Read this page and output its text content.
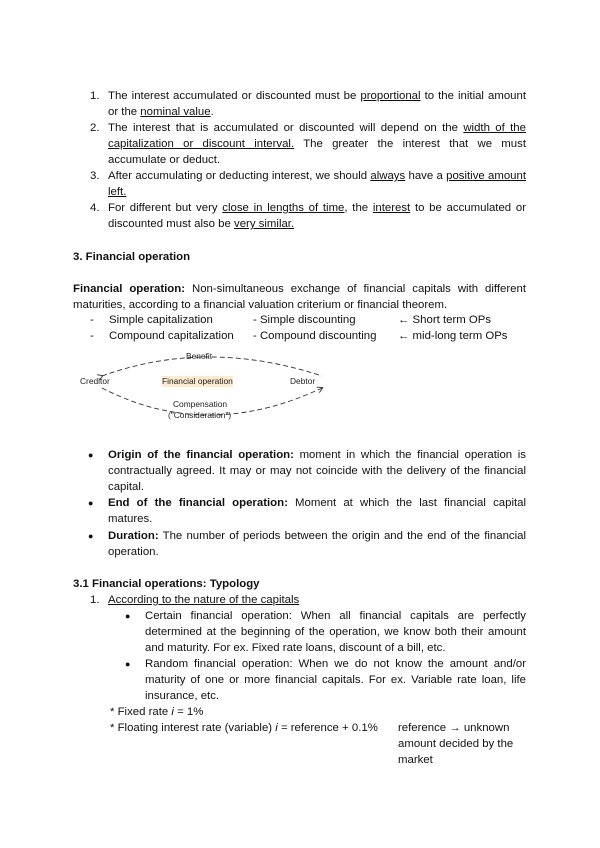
1. The interest accumulated or discounted must be proportional to the initial amount or the nominal value.
2. The interest that is accumulated or discounted will depend on the width of the capitalization or discount interval. The greater the interest that we must accumulate or deduct.
3. After accumulating or deducting interest, we should always have a positive amount left.
4. For different but very close in lengths of time, the interest to be accumulated or discounted must also be very similar.
3. Financial operation
Financial operation: Non-simultaneous exchange of financial capitals with different maturities, according to a financial valuation criterium or financial theorem.
- Simple capitalization	- Simple discounting	← Short term OPs
- Compound capitalization - Compound discounting ← mid-long term OPs
Benefit
Creditor	Financial operation	Debtor
Compensation
("Consideration")
● Origin of the financial operation: moment in which the financial operation is contractually agreed. It may or may not coincide with the delivery of the financial capital.
● End of the financial operation: Moment at which the last financial capital matures.
● Duration: The number of periods between the origin and the end of the financial operation.
3.1 Financial operations: Typology
1. According to the nature of the capitals
● Certain financial operation: When all financial capitals are perfectly determined at the beginning of the operation, we know both their amount and maturity. For ex. Fixed rate loans, discount of a bill, etc.
● Random financial operation: When we do not know the amount and/or maturity of one or more financial capitals. For ex. Variable rate loan, life insurance, etc.
* Fixed rate i = 1%
* Floating interest rate (variable) i = reference + 0.1% reference → unknown amount decided by the market
